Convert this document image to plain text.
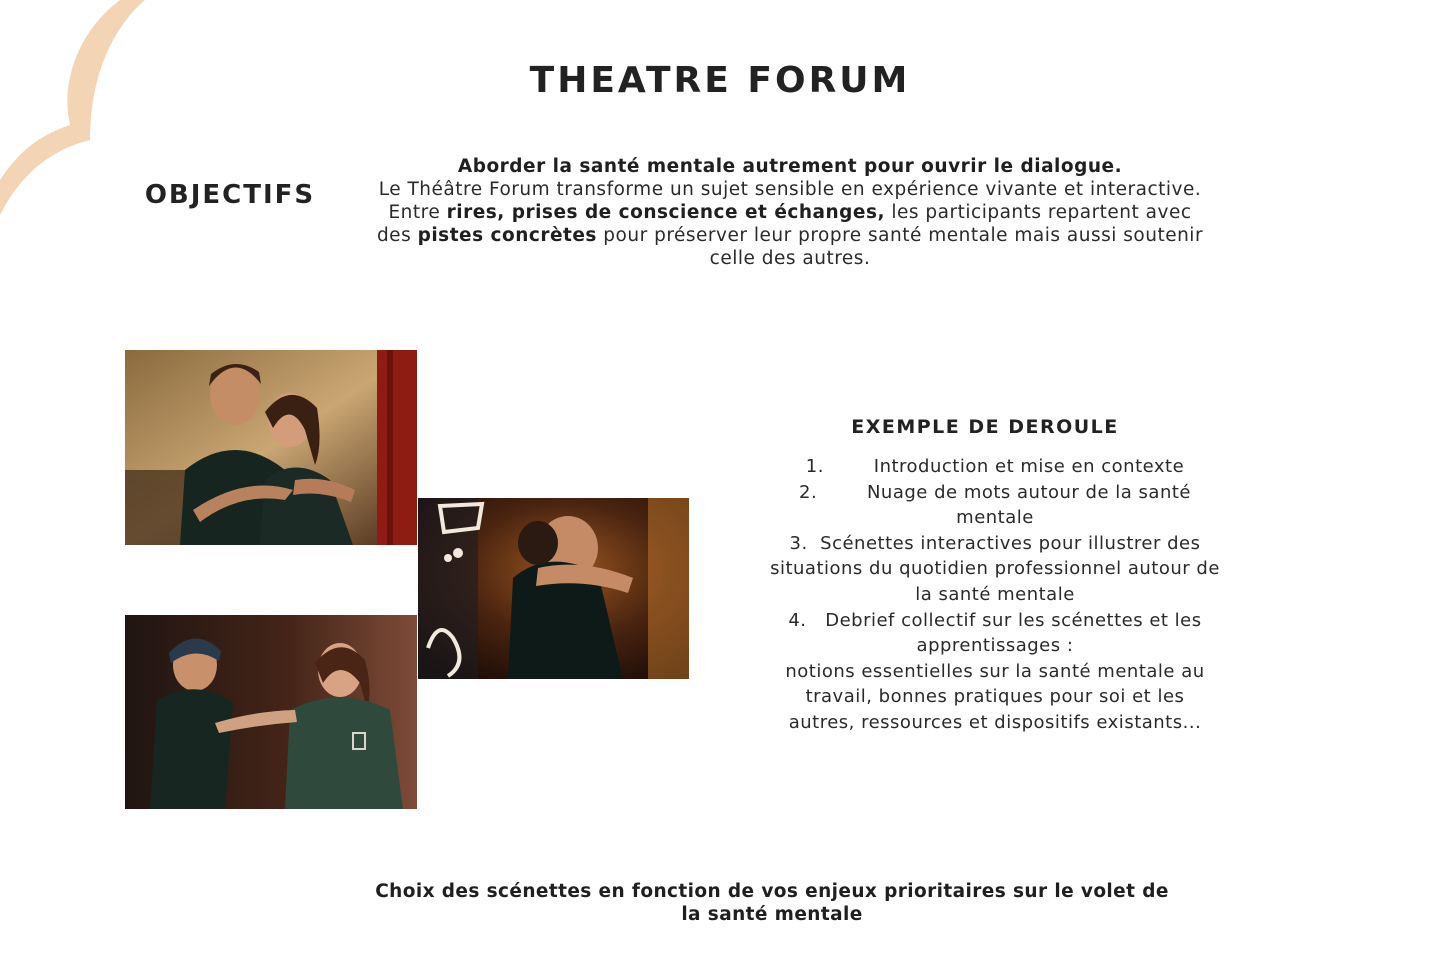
THEATRE FORUM
OBJECTIFS
Aborder la santé mentale autrement pour ouvrir le dialogue.
Le Théâtre Forum transforme un sujet sensible en expérience vivante et interactive. Entre rires, prises de conscience et échanges, les participants repartent avec des pistes concrètes pour préserver leur propre santé mentale mais aussi soutenir celle des autres.
EXEMPLE DE DEROULE
1.	Introduction et mise en contexte
2.	Nuage de mots autour de la santé mentale
3. Scénettes interactives pour illustrer des situations du quotidien professionnel autour de la santé mentale
4. Debrief collectif sur les scénettes et les apprentissages :
notions essentielles sur la santé mentale au travail, bonnes pratiques pour soi et les autres, ressources et dispositifs existants...

Choix des scénettes en fonction de vos enjeux prioritaires sur le volet de la santé mentale
